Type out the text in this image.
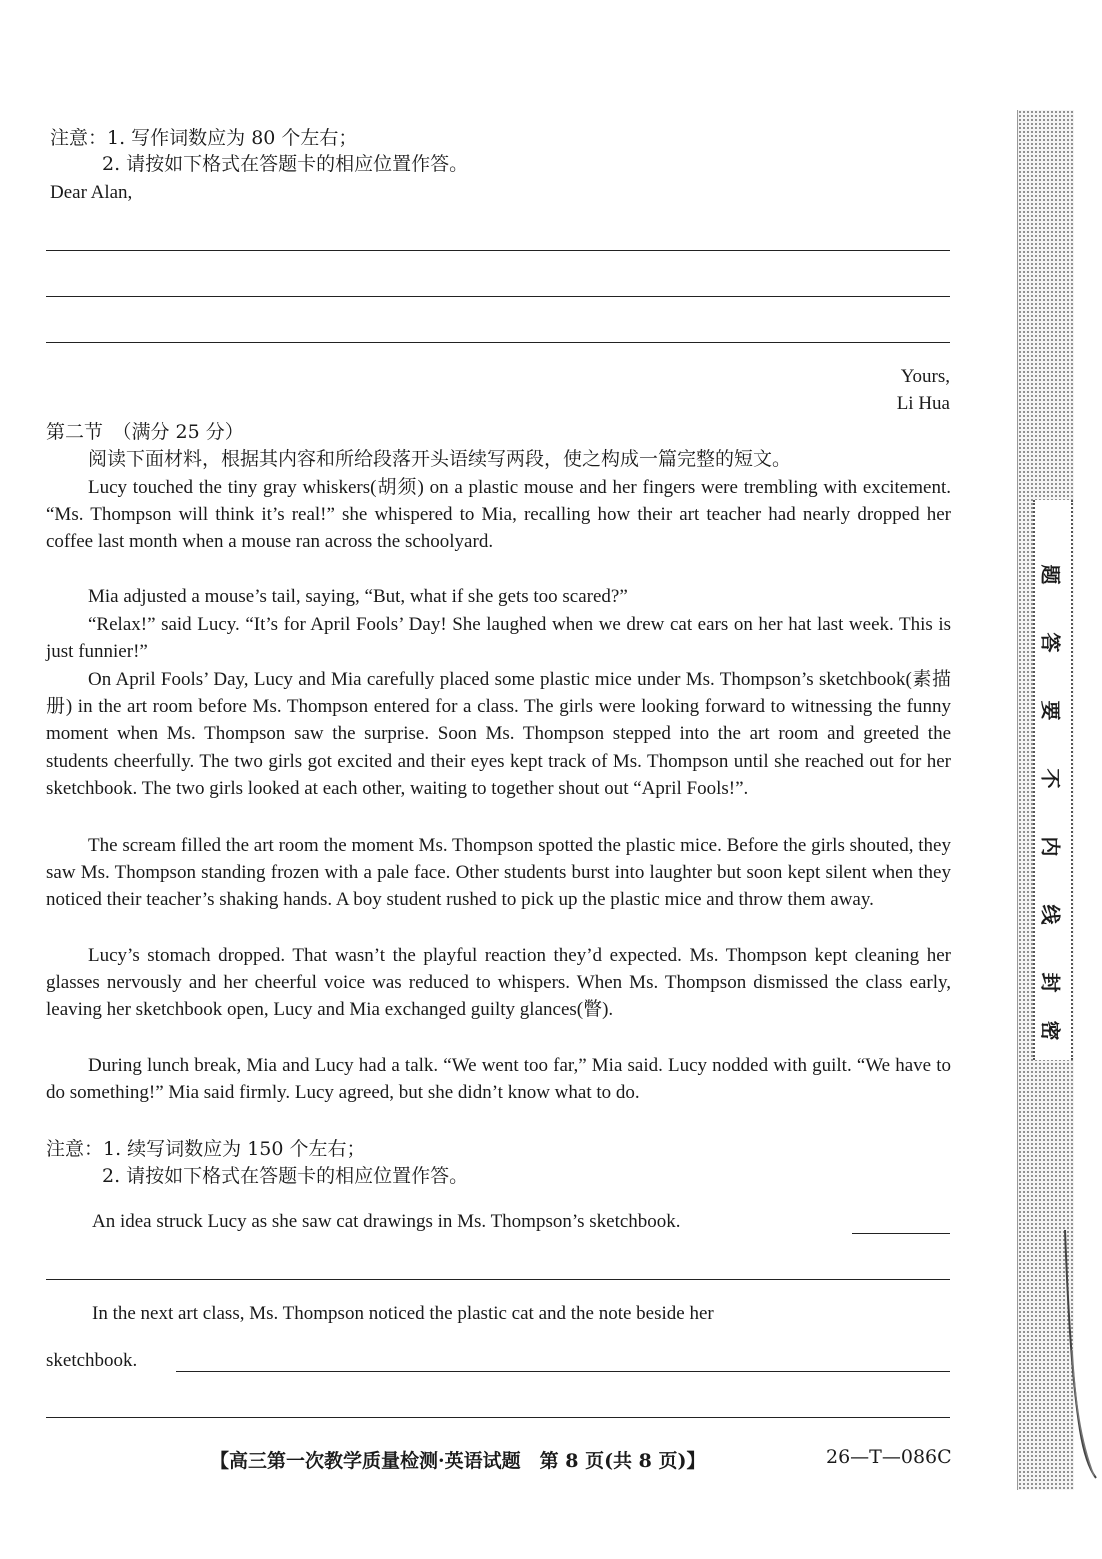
注意：1. 写作词数应为 80 个左右；
2. 请按如下格式在答题卡的相应位置作答。
Dear Alan,
Yours,
Li Hua
第二节　（满分 25 分）
阅读下面材料，根据其内容和所给段落开头语续写两段，使之构成一篇完整的短文。
Lucy touched the tiny gray whiskers(胡须) on a plastic mouse and her fingers were trembling with excitement. “Ms. Thompson will think it’s real!” she whispered to Mia, recalling how their art teacher had nearly dropped her coffee last month when a mouse ran across the schoolyard.
Mia adjusted a mouse’s tail, saying, “But, what if she gets too scared?”
“Relax!” said Lucy. “It’s for April Fools’ Day! She laughed when we drew cat ears on her hat last week. This is just funnier!”
On April Fools’ Day, Lucy and Mia carefully placed some plastic mice under Ms. Thompson’s sketchbook(素描册) in the art room before Ms. Thompson entered for a class. The girls were looking forward to witnessing the funny moment when Ms. Thompson saw the surprise. Soon Ms. Thompson stepped into the art room and greeted the students cheerfully. The two girls got excited and their eyes kept track of Ms. Thompson until she reached out for her sketchbook. The two girls looked at each other, waiting to together shout out “April Fools!”.
The scream filled the art room the moment Ms. Thompson spotted the plastic mice. Before the girls shouted, they saw Ms. Thompson standing frozen with a pale face. Other students burst into laughter but soon kept silent when they noticed their teacher’s shaking hands. A boy student rushed to pick up the plastic mice and throw them away.
Lucy’s stomach dropped. That wasn’t the playful reaction they’d expected. Ms. Thompson kept cleaning her glasses nervously and her cheerful voice was reduced to whispers. When Ms. Thompson dismissed the class early, leaving her sketchbook open, Lucy and Mia exchanged guilty glances(瞥).
During lunch break, Mia and Lucy had a talk. “We went too far,” Mia said. Lucy nodded with guilt. “We have to do something!” Mia said firmly. Lucy agreed, but she didn’t know what to do.
注意：1. 续写词数应为 150 个左右；
2. 请按如下格式在答题卡的相应位置作答。
An idea struck Lucy as she saw cat drawings in Ms. Thompson’s sketchbook.
In the next art class, Ms. Thompson noticed the plastic cat and the note beside her
sketchbook.
【高三第一次教学质量检测·英语试题　第 8 页(共 8 页)】	26—T—086C
题
答
要
不
内
线
封
密
